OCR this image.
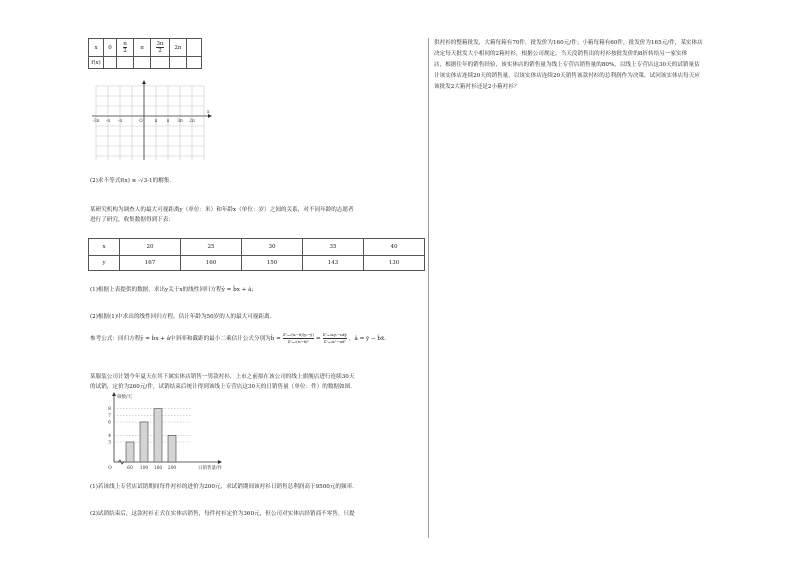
x	0	$\frac{\pi}{2}$	π	$\frac{3\pi}{2}$	2π	
f(x)						
-3π -π -π	O	π π 3π 2π
x
(2)求不等式f(x) ≤ -√3-1的解集.
某研究机构为调查人的最大可视距离y（单位：米）和年龄x（单位：岁）之间的关系，对不同年龄的志愿者
进行了研究，收集数据得到下表：
x	20	25	30	35	40
y	167	160	150	143	130
(1)根据上表提供的数据，求出y关于x的线性回归方程ŷ = b̂x + â；
(2)根据(1)中求出的线性回归方程，估计年龄为50岁的人的最大可视距离.
参考公式：回归方程ŷ = b̂x + â中斜率和截距的最小二乘估计公式分别为b̂ = $\frac{\text{Σⁿᵢ₌₁(xᵢ−x̄)(yᵢ−ȳ)}}{\text{Σⁿᵢ₌₁(xᵢ−x̄)²}} = \frac{\text{Σⁿᵢ₌₁xᵢyᵢ−nx̄ȳ}}{\text{Σⁿᵢ₌₁xᵢ²−nx̄²}}$ ，â = ȳ − b̂x̄.
某服装公司计划今年夏天在其下属实体店销售一男款衬衫，上市之前拟在该公司的线上旗舰店进行连续30天
的试销，定价为260元/件，试销结束后统计得到该线上专营店这30天的日销售量（单位：件）的数据如图.
8
7
6
4
3
60 100 160 200
O
频数/天
日销售量/件
(1)若该线上专营店试销期间每件衬衫的进价为200元，求试销期间该衬衫日销售总利润高于9500元的频率.
(2)试销结束后，这款衬衫正式在实体店销售，每件衬衫定价为360元，但公司对实体店经销商不零售，只提
供衬衫的整箱批发，大箱每箱有70件，批发价为160元/件；小箱每箱有60件，批发价为165元/件，某实体店
决定每天批发大小相同的2箱衬衫，根据公司规定，当天没销售出的衬衫按批发价的8折转给另一家实体
店，根据往年的销售经验，该实体店的销售量为线上专营店销售量的80%，以线上专营店这30天的试销量估
计该实体店连续20天的销售量，以该实体店连续20天销售该款衬衫的总利润作为决策，试问该实体店每天应
该批发2大箱衬衫还是2小箱衬衫？
